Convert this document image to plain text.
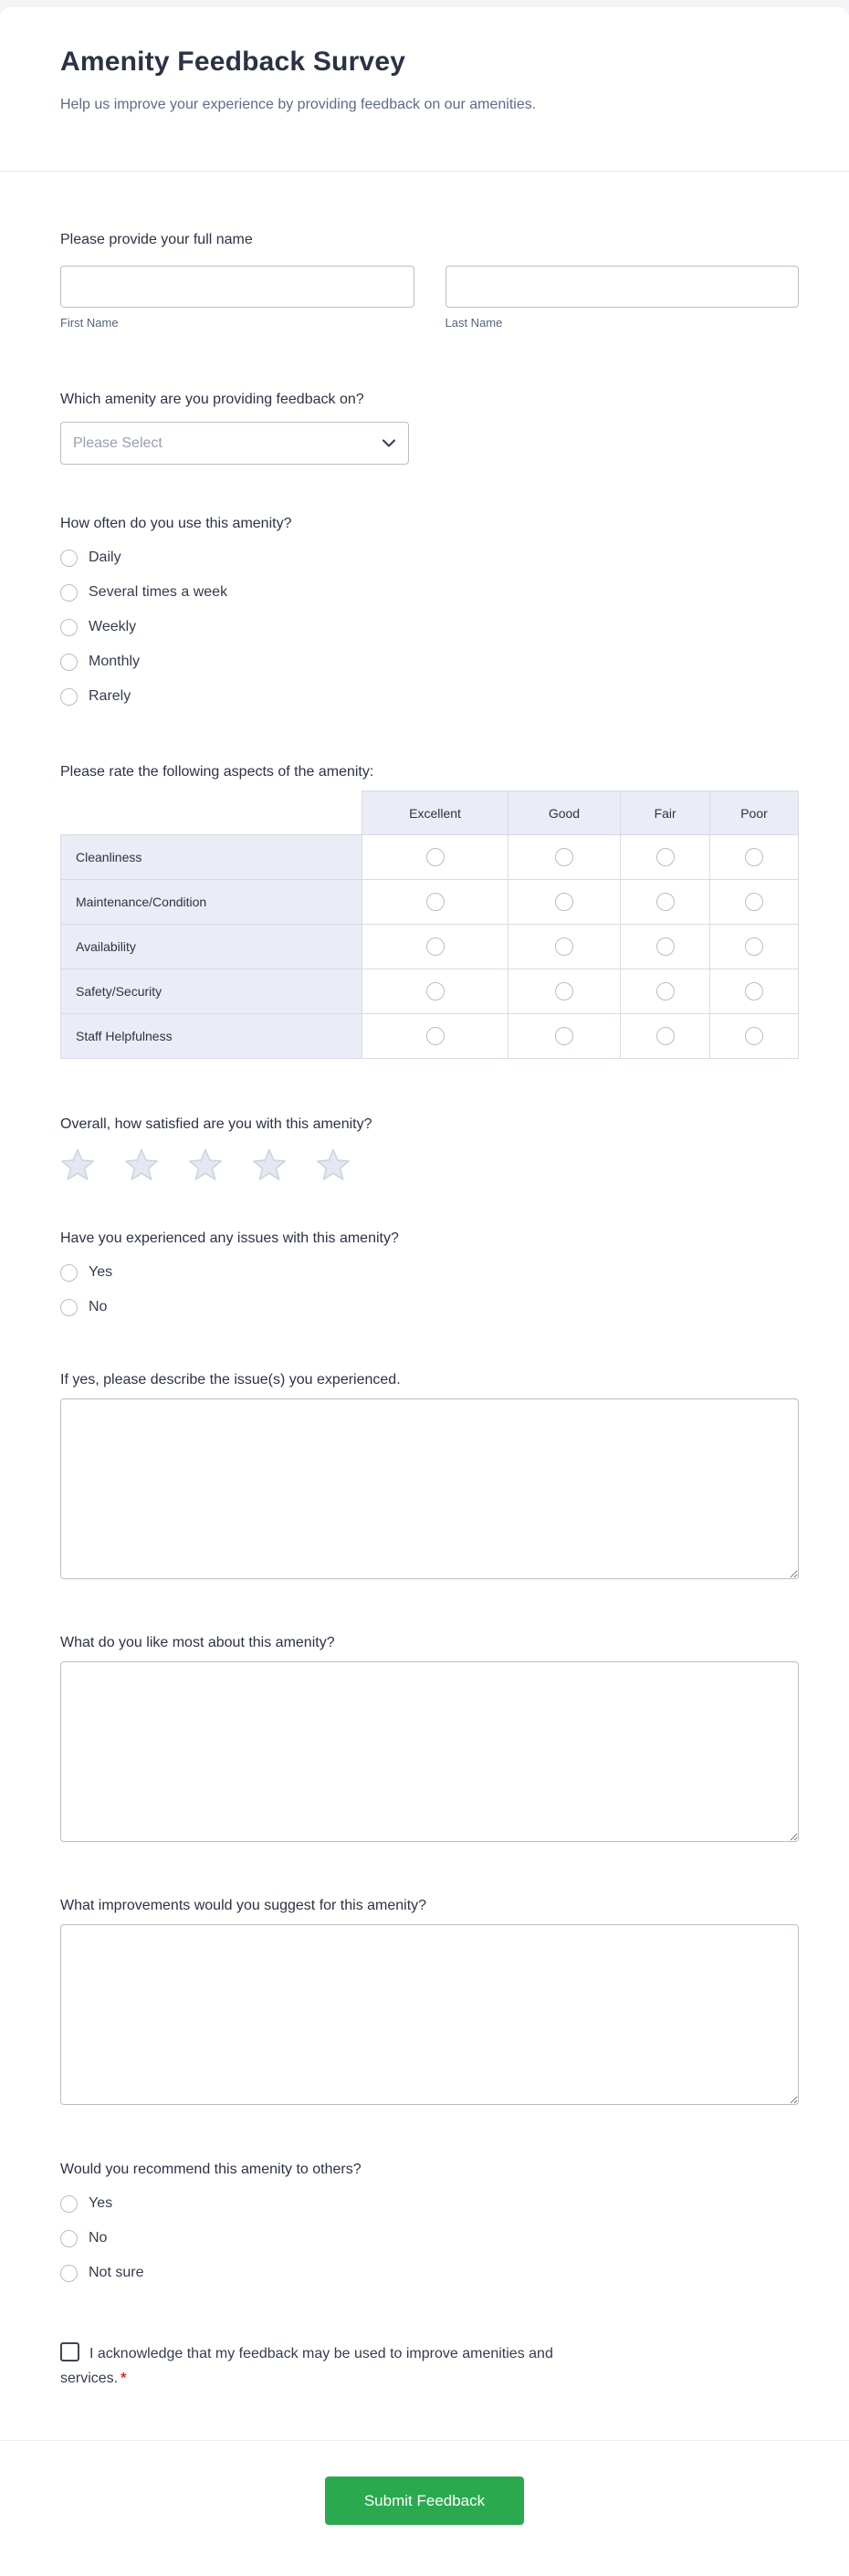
Amenity Feedback Survey

Help us improve your experience by providing feedback on our amenities.

Please provide your full name
First Name	Last Name
Which amenity are you providing feedback on?
Please Select
How often do you use this amenity?
Daily
Several times a week
Weekly
Monthly
Rarely
Please rate the following aspects of the amenity:
	Excellent	Good	Fair	Poor
Cleanliness				
Maintenance/Condition				
Availability				
Safety/Security				
Staff Helpfulness				
Overall, how satisfied are you with this amenity?
Have you experienced any issues with this amenity?
Yes
No
If yes, please describe the issue(s) you experienced.
What do you like most about this amenity?
What improvements would you suggest for this amenity?
Would you recommend this amenity to others?
Yes
No
Not sure
I acknowledge that my feedback may be used to improve amenities and services. *
Submit Feedback
